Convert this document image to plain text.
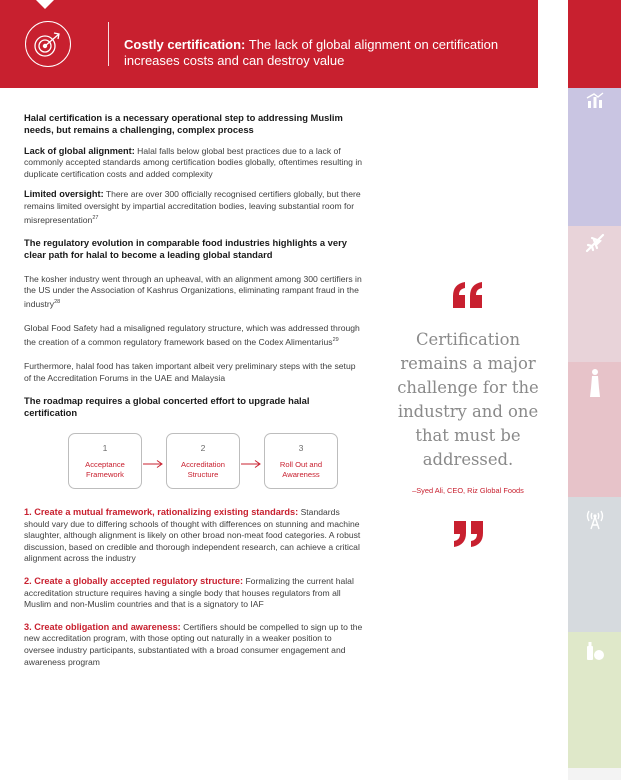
Costly certification: The lack of global alignment on certification increases costs and can destroy value
Halal certification is a necessary operational step to addressing Muslim needs, but remains a challenging, complex process

Lack of global alignment: Halal falls below global best practices due to a lack of commonly accepted standards among certification bodies globally, oftentimes resulting in duplicate certification costs and added complexity

Limited oversight: There are over 300 officially recognised certifiers globally, but there remains limited oversight by impartial accreditation bodies, leaving substantial room for misrepresentation$^{27}$

The regulatory evolution in comparable food industries highlights a very clear path for halal to become a leading global standard

The kosher industry went through an upheaval, with an alignment among 300 certifiers in the US under the Association of Kashrus Organizations, eliminating rampant fraud in the industry$^{28}$

Global Food Safety had a misaligned regulatory structure, which was addressed through the creation of a common regulatory framework based on the Codex Alimentarius$^{29}$

Furthermore, halal food has taken important albeit very preliminary steps with the setup of the Accreditation Forums in the UAE and Malaysia

The roadmap requires a global concerted effort to upgrade halal certification
1
Acceptance
Framework
2
Accreditation
Structure
3
Roll Out and
Awareness

1. Create a mutual framework, rationalizing existing standards: Standards should vary due to differing schools of thought with differences on stunning and machine slaughter, although alignment is likely on other broad non-meat food categories. A robust discussion, based on credible and thorough independent research, can achieve a critical alignment across the industry

2. Create a globally accepted regulatory structure: Formalizing the current halal accreditation structure requires having a single body that houses regulators from all Muslim and non-Muslim countries and that is a signatory to IAF

3. Create obligation and awareness: Certifiers should be compelled to sign up to the new accreditation program, with those opting out naturally in a weaker position to oversee industry participants, substantiated with a broad consumer engagement and awareness program

Certification remains a major challenge for the industry and one that must be addressed.
–Syed Ali, CEO, Riz Global Foods
